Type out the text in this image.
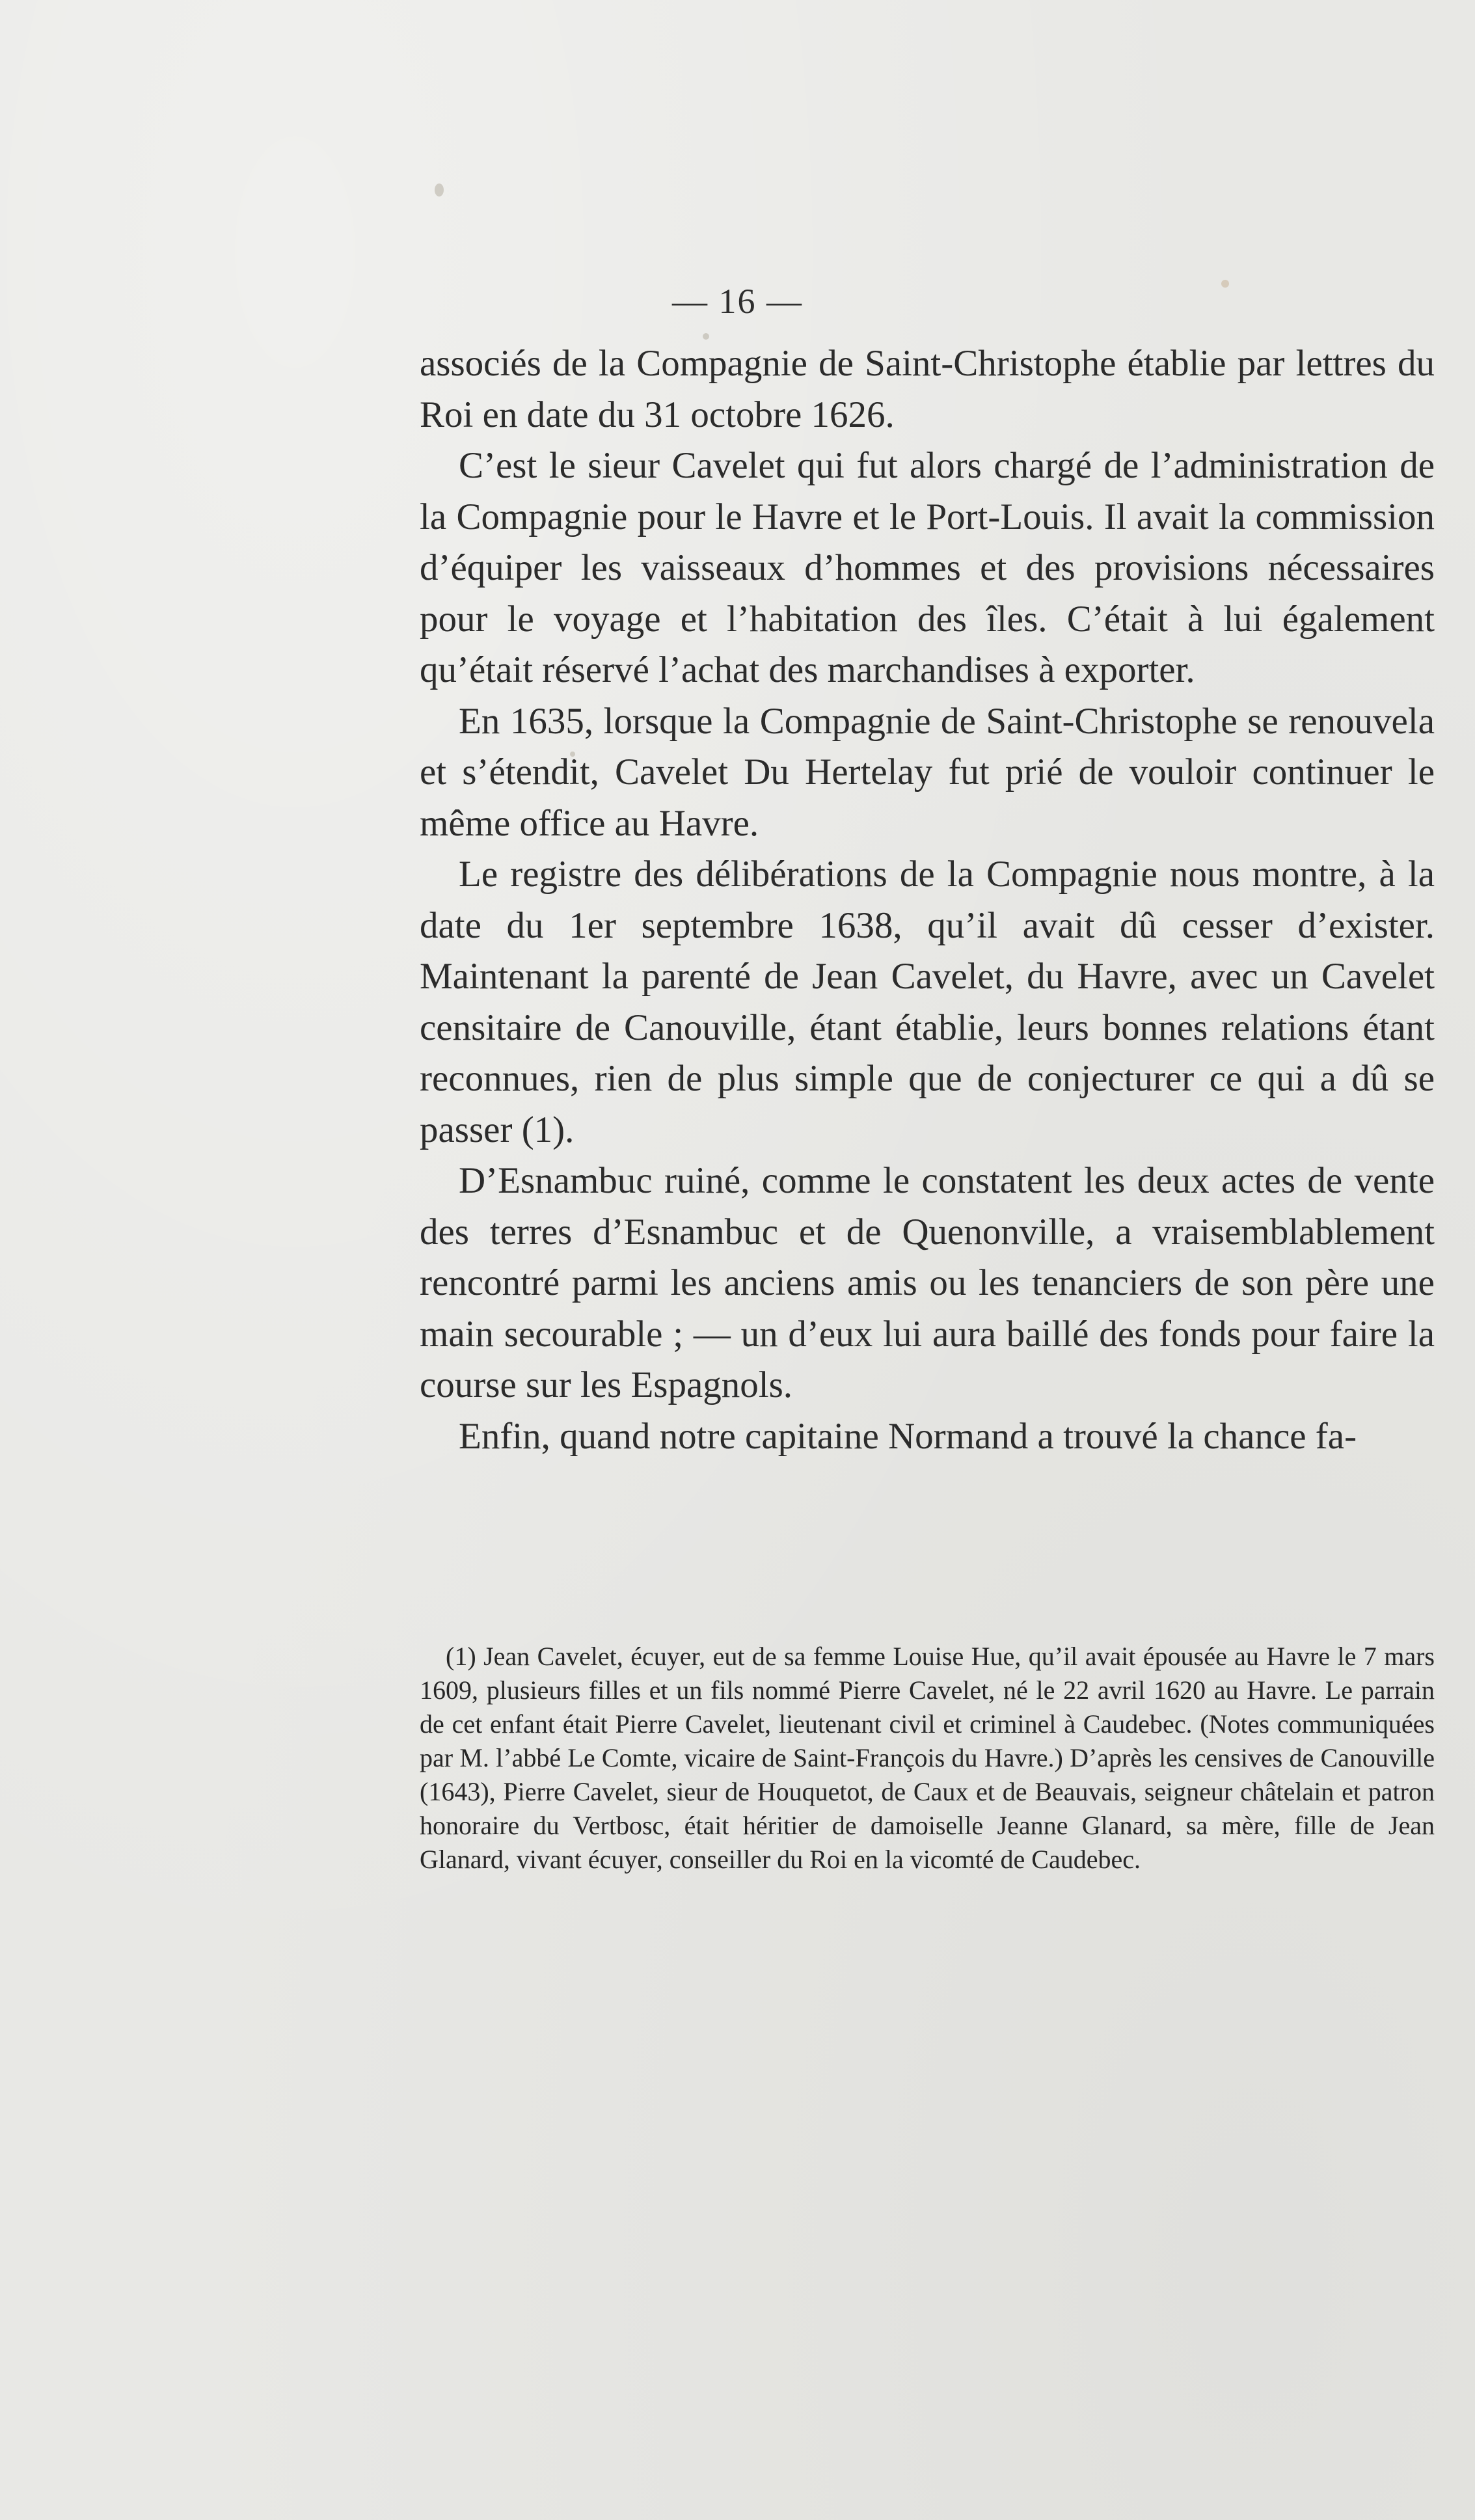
— 16 —

associés de la Compagnie de Saint-Christophe établie par lettres du Roi en date du 31 octobre 1626.

C’est le sieur Cavelet qui fut alors chargé de l’administration de la Compagnie pour le Havre et le Port-Louis. Il avait la commission d’équiper les vaisseaux d’hommes et des provisions nécessaires pour le voyage et l’habitation des îles. C’était à lui également qu’était réservé l’achat des marchandises à exporter.

En 1635, lorsque la Compagnie de Saint-Christophe se renouvela et s’étendit, Cavelet Du Hertelay fut prié de vouloir continuer le même office au Havre.

Le registre des délibérations de la Compagnie nous montre, à la date du 1er septembre 1638, qu’il avait dû cesser d’exister. Maintenant la parenté de Jean Cavelet, du Havre, avec un Cavelet censitaire de Canouville, étant établie, leurs bonnes relations étant reconnues, rien de plus simple que de conjecturer ce qui a dû se passer (1).

D’Esnambuc ruiné, comme le constatent les deux actes de vente des terres d’Esnambuc et de Quenonville, a vraisemblablement rencontré parmi les anciens amis ou les tenanciers de son père une main secourable ; — un d’eux lui aura baillé des fonds pour faire la course sur les Espagnols.

Enfin, quand notre capitaine Normand a trouvé la chance fa-

(1) Jean Cavelet, écuyer, eut de sa femme Louise Hue, qu’il avait épousée au Havre le 7 mars 1609, plusieurs filles et un fils nommé Pierre Cavelet, né le 22 avril 1620 au Havre. Le parrain de cet enfant était Pierre Cavelet, lieutenant civil et criminel à Caudebec. (Notes communiquées par M. l’abbé Le Comte, vicaire de Saint-François du Havre.) D’après les censives de Canouville (1643), Pierre Cavelet, sieur de Houquetot, de Caux et de Beauvais, seigneur châtelain et patron honoraire du Vertbosc, était héritier de damoiselle Jeanne Glanard, sa mère, fille de Jean Glanard, vivant écuyer, conseiller du Roi en la vicomté de Caudebec.
